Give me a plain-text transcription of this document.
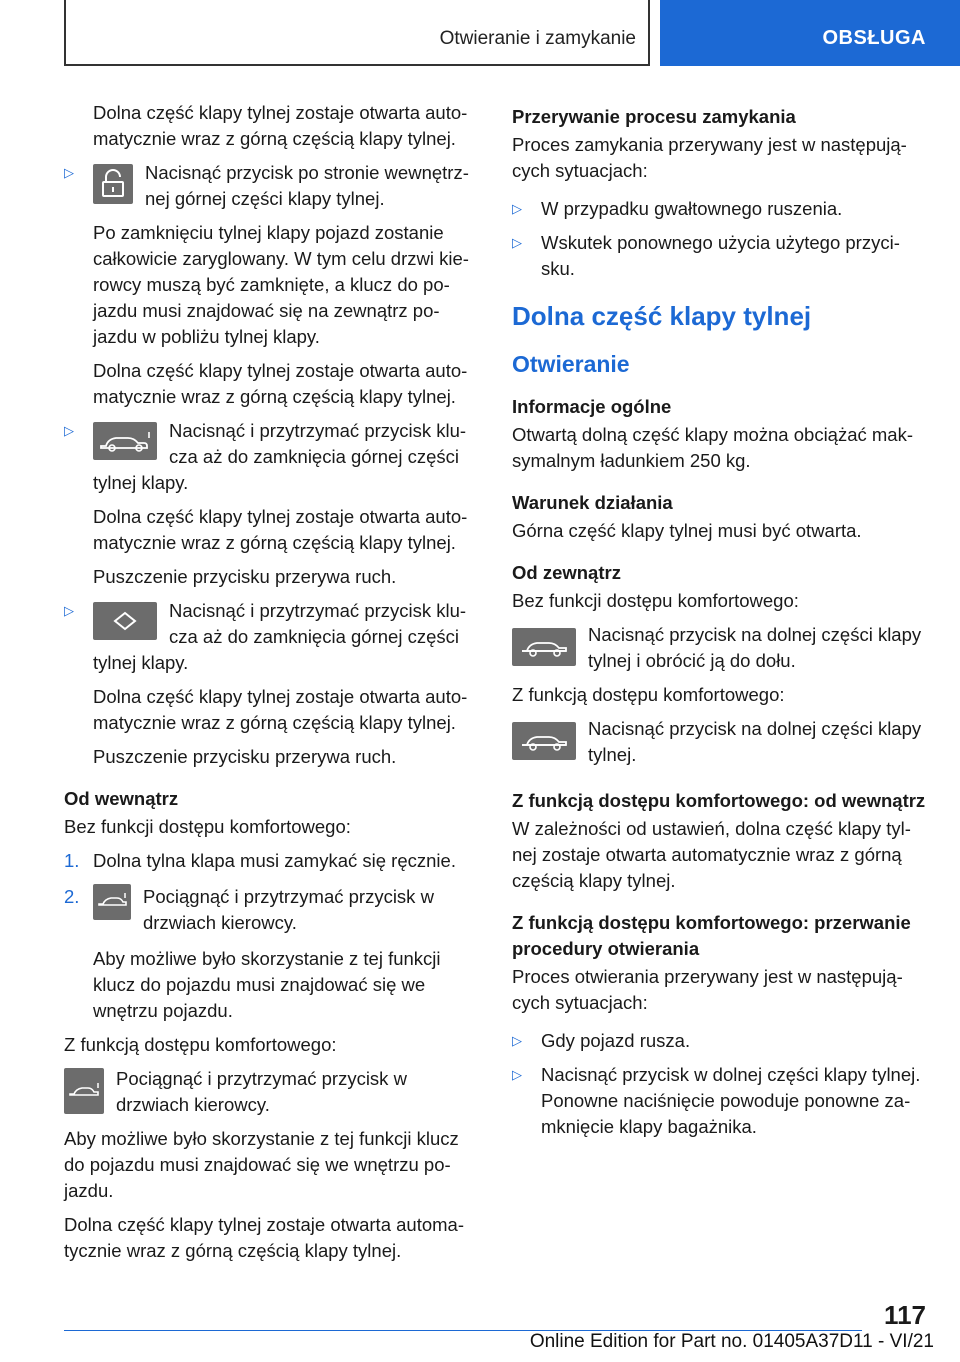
Otwieranie i zamykanie	OBSŁUGA

Dolna część klapy tylnej zostaje otwarta auto-matycznie wraz z górną częścią klapy tylnej.

▷	Nacisnąć przycisk po stronie wewnętrz-nej górnej części klapy tylnej.

Po zamknięciu tylnej klapy pojazd zostanie całkowicie zaryglowany. W tym celu drzwi kie-rowcy muszą być zamknięte, a klucz do po-jazdu musi znajdować się na zewnątrz po-jazdu w pobliżu tylnej klapy.

Dolna część klapy tylnej zostaje otwarta auto-matycznie wraz z górną częścią klapy tylnej.

▷	Nacisnąć i przytrzymać przycisk klu-cza aż do zamknięcia górnej części tylnej klapy.

Dolna część klapy tylnej zostaje otwarta auto-matycznie wraz z górną częścią klapy tylnej.

Puszczenie przycisku przerywa ruch.

▷	Nacisnąć i przytrzymać przycisk klu-cza aż do zamknięcia górnej części tylnej klapy.

Dolna część klapy tylnej zostaje otwarta auto-matycznie wraz z górną częścią klapy tylnej.

Puszczenie przycisku przerywa ruch.

Od wewnątrz

Bez funkcji dostępu komfortowego:

1. Dolna tylna klapa musi zamykać się ręcznie.
2.	Pociągnąć i przytrzymać przycisk w drzwiach kierowcy.

Aby możliwe było skorzystanie z tej funkcji klucz do pojazdu musi znajdować się we wnętrzu pojazdu.

Z funkcją dostępu komfortowego:

Pociągnąć i przytrzymać przycisk w drzwiach kierowcy.

Aby możliwe było skorzystanie z tej funkcji klucz do pojazdu musi znajdować się we wnętrzu po-jazdu.

Dolna część klapy tylnej zostaje otwarta automa-tycznie wraz z górną częścią klapy tylnej.

Przerywanie procesu zamykania

Proces zamykania przerywany jest w następują-cych sytuacjach:

▷ W przypadku gwałtownego ruszenia.
▷ Wskutek ponownego użycia użytego przyci-sku.
Dolna część klapy tylnej
Otwieranie
Informacje ogólne

Otwartą dolną część klapy można obciążać mak-symalnym ładunkiem 250 kg.

Warunek działania

Górna część klapy tylnej musi być otwarta.

Od zewnątrz

Bez funkcji dostępu komfortowego:

Nacisnąć przycisk na dolnej części klapy tylnej i obrócić ją do dołu.

Z funkcją dostępu komfortowego:

Nacisnąć przycisk na dolnej części klapy tylnej.
Z funkcją dostępu komfortowego: od wewnątrz

W zależności od ustawień, dolna część klapy tyl-nej zostaje otwarta automatycznie wraz z górną częścią klapy tylnej.

Z funkcją dostępu komfortowego: przerwanie procedury otwierania

Proces otwierania przerywany jest w następują-cych sytuacjach:

▷ Gdy pojazd rusza.
▷ Nacisnąć przycisk w dolnej części klapy tylnej. Ponowne naciśnięcie powoduje ponowne za-mknięcie klapy bagażnika.
117
Online Edition for Part no. 01405A37D11 - VI/21
